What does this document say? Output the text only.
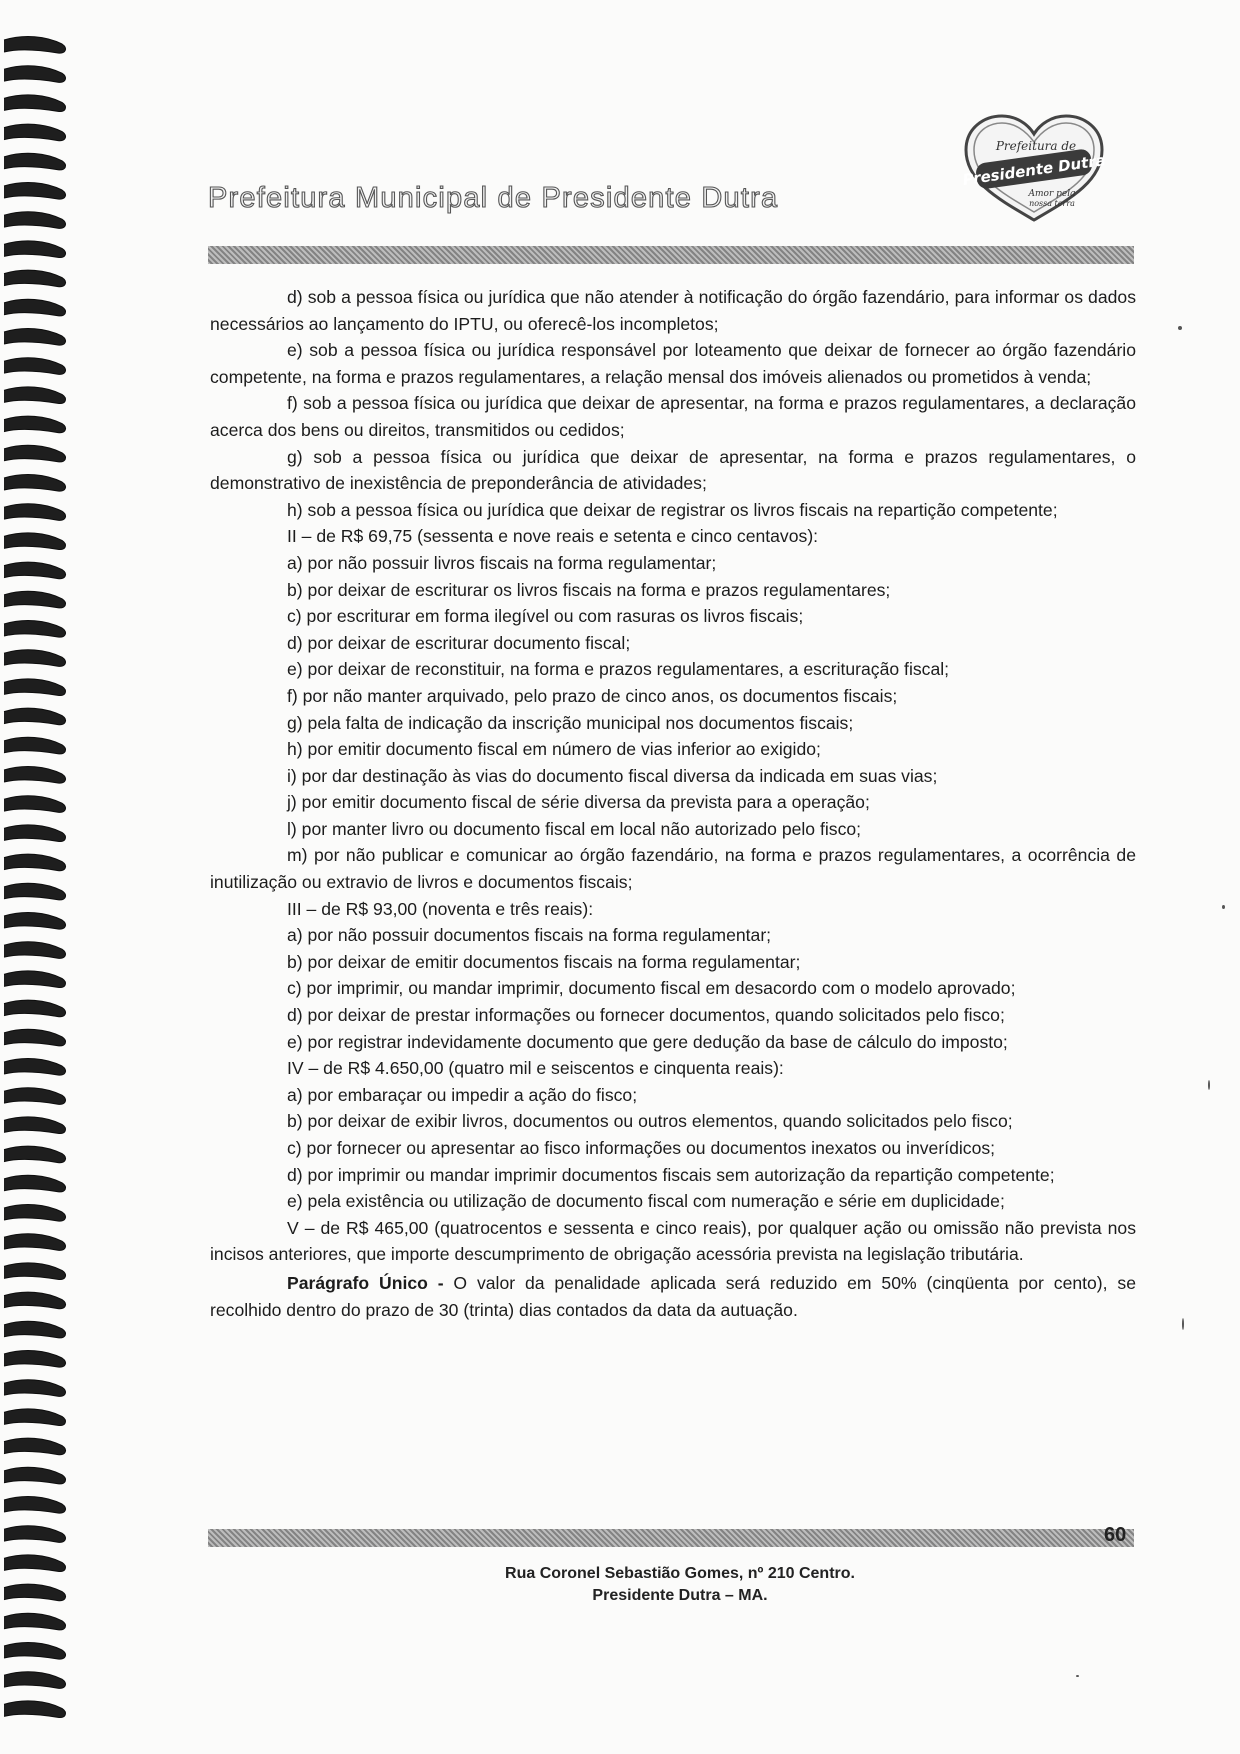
Prefeitura Municipal de Presidente Dutra
Prefeitura de
Presidente Dutra
Amor pela
nossa terra

d) sob a pessoa física ou jurídica que não atender à notificação do órgão fazendário, para informar os dados necessários ao lançamento do IPTU, ou oferecê-los incompletos;

e) sob a pessoa física ou jurídica responsável por loteamento que deixar de fornecer ao órgão fazendário competente, na forma e prazos regulamentares, a relação mensal dos imóveis alienados ou prometidos à venda;

f) sob a pessoa física ou jurídica que deixar de apresentar, na forma e prazos regulamentares, a declaração acerca dos bens ou direitos, transmitidos ou cedidos;

g) sob a pessoa física ou jurídica que deixar de apresentar, na forma e prazos regulamentares, o demonstrativo de inexistência de preponderância de atividades;

h) sob a pessoa física ou jurídica que deixar de registrar os livros fiscais na repartição competente;

II – de R$ 69,75 (sessenta e nove reais e setenta e cinco centavos):

a) por não possuir livros fiscais na forma regulamentar;

b) por deixar de escriturar os livros fiscais na forma e prazos regulamentares;

c) por escriturar em forma ilegível ou com rasuras os livros fiscais;

d) por deixar de escriturar documento fiscal;

e) por deixar de reconstituir, na forma e prazos regulamentares, a escrituração fiscal;

f) por não manter arquivado, pelo prazo de cinco anos, os documentos fiscais;

g) pela falta de indicação da inscrição municipal nos documentos fiscais;

h) por emitir documento fiscal em número de vias inferior ao exigido;

i) por dar destinação às vias do documento fiscal diversa da indicada em suas vias;

j) por emitir documento fiscal de série diversa da prevista para a operação;

l) por manter livro ou documento fiscal em local não autorizado pelo fisco;

m) por não publicar e comunicar ao órgão fazendário, na forma e prazos regulamentares, a ocorrência de inutilização ou extravio de livros e documentos fiscais;

III – de R$ 93,00 (noventa e três reais):

a) por não possuir documentos fiscais na forma regulamentar;

b) por deixar de emitir documentos fiscais na forma regulamentar;

c) por imprimir, ou mandar imprimir, documento fiscal em desacordo com o modelo aprovado;

d) por deixar de prestar informações ou fornecer documentos, quando solicitados pelo fisco;

e) por registrar indevidamente documento que gere dedução da base de cálculo do imposto;

IV – de R$ 4.650,00 (quatro mil e seiscentos e cinquenta reais):

a) por embaraçar ou impedir a ação do fisco;

b) por deixar de exibir livros, documentos ou outros elementos, quando solicitados pelo fisco;

c) por fornecer ou apresentar ao fisco informações ou documentos inexatos ou inverídicos;

d) por imprimir ou mandar imprimir documentos fiscais sem autorização da repartição competente;

e) pela existência ou utilização de documento fiscal com numeração e série em duplicidade;

V – de R$ 465,00 (quatrocentos e sessenta e cinco reais), por qualquer ação ou omissão não prevista nos incisos anteriores, que importe descumprimento de obrigação acessória prevista na legislação tributária.

Parágrafo Único - O valor da penalidade aplicada será reduzido em 50% (cinqüenta por cento), se recolhido dentro do prazo de 30 (trinta) dias contados da data da autuação.

60
Rua Coronel Sebastião Gomes, nº 210 Centro.
Presidente Dutra – MA.
